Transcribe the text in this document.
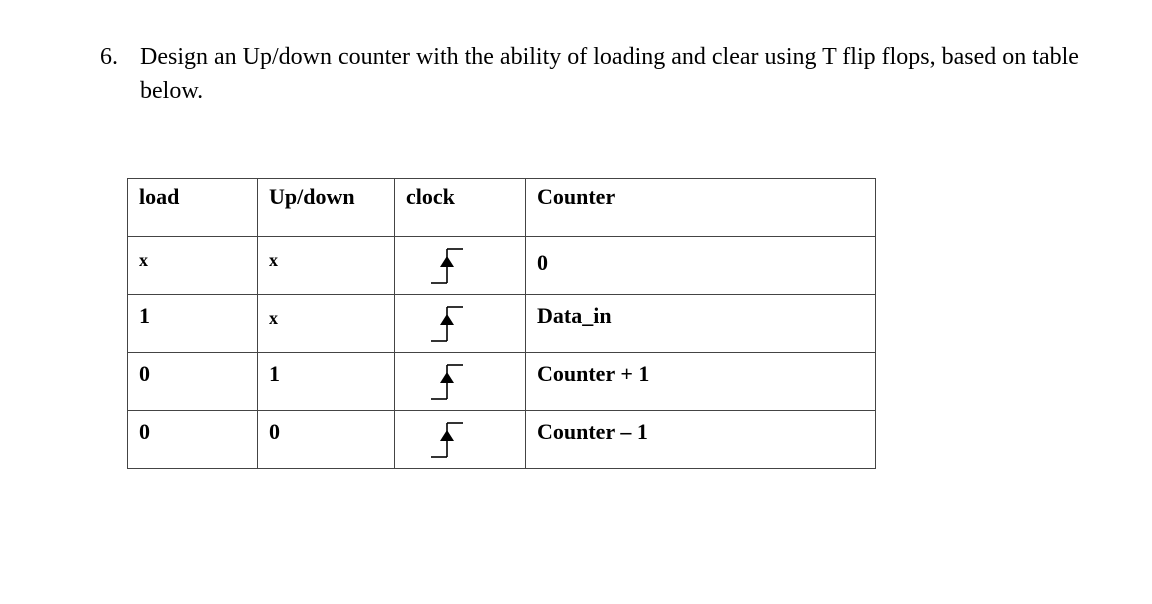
6. Design an Up/down counter with the ability of loading and clear using T flip flops, based on table below.
load	Up/down	clock	Counter
x	x		0
1	x		Data_in
0	1		Counter + 1
0	0		Counter – 1
